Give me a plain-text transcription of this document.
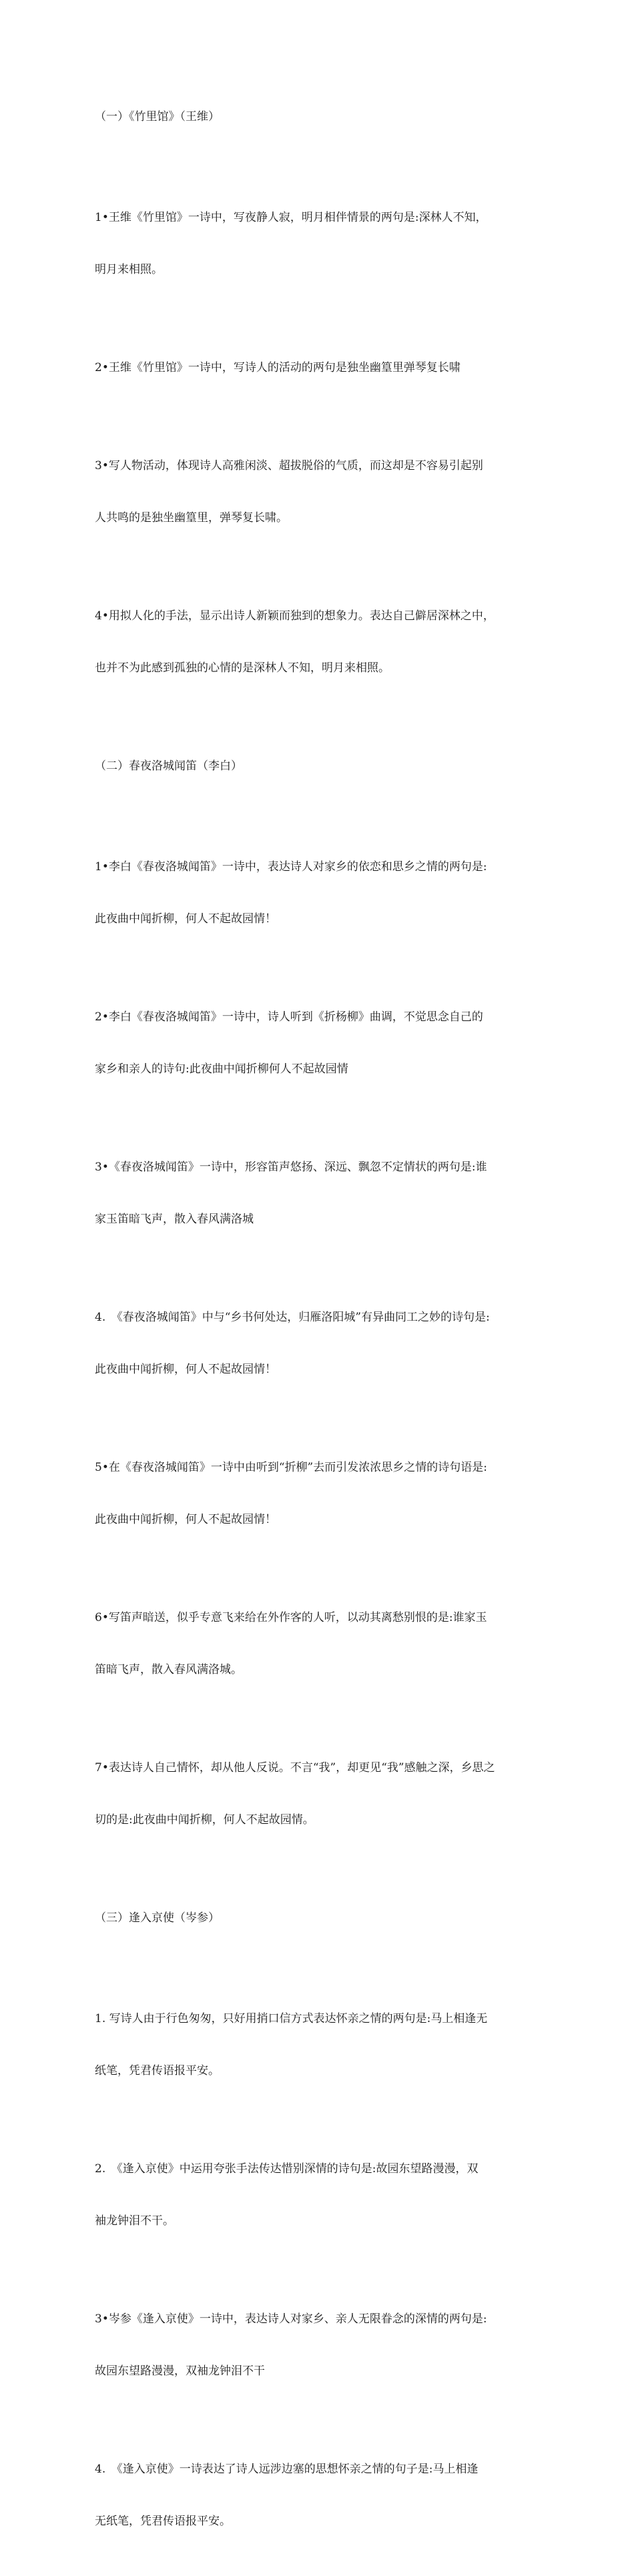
（一）《竹里馆》（王维）

1•王维《竹里馆》一诗中，写夜静人寂，明月相伴情景的两句是:深林人不知，

明月来相照。

2•王维《竹里馆》一诗中，写诗人的活动的两句是独坐幽篁里弹琴复长啸

3•写人物活动，体现诗人高雅闲淡、超拔脱俗的气质，而这却是不容易引起别

人共鸣的是独坐幽篁里，弹琴复长啸。

4•用拟人化的手法，显示出诗人新颖而独到的想象力。表达自己僻居深林之中，

也并不为此感到孤独的心情的是深林人不知，明月来相照。

（二）春夜洛城闻笛（李白）

1•李白《春夜洛城闻笛》一诗中，表达诗人对家乡的依恋和思乡之情的两句是:

此夜曲中闻折柳，何人不起故园情！

2•李白《春夜洛城闻笛》一诗中，诗人听到《折杨柳》曲调，不觉思念自己的

家乡和亲人的诗句:此夜曲中闻折柳何人不起故园情

3•《春夜洛城闻笛》一诗中，形容笛声悠扬、深远、飘忽不定情状的两句是:谁

家玉笛暗飞声，散入春风满洛城

4.　《春夜洛城闻笛》中与“乡书何处达，归雁洛阳城”有异曲同工之妙的诗句是:

此夜曲中闻折柳，何人不起故园情！

5•在《春夜洛城闻笛》一诗中由听到“折柳”去而引发浓浓思乡之情的诗句语是:

此夜曲中闻折柳，何人不起故园情！

6•写笛声暗送，似乎专意飞来给在外作客的人听，以动其离愁别恨的是:谁家玉

笛暗飞声，散入春风满洛城。

7•表达诗人自己情怀，却从他人反说。不言“我”，却更见“我”感触之深，乡思之

切的是:此夜曲中闻折柳，何人不起故园情。

（三）逢入京使（岑参）

1. 写诗人由于行色匆匆，只好用捎口信方式表达怀亲之情的两句是:马上相逢无

纸笔，凭君传语报平安。

2.　《逢入京使》中运用夸张手法传达惜别深情的诗句是:故园东望路漫漫，双

袖龙钟泪不干。

3•岑参《逢入京使》一诗中，表达诗人对家乡、亲人无限眷念的深情的两句是:

故园东望路漫漫，双袖龙钟泪不干

4.　《逢入京使》一诗表达了诗人远涉边塞的思想怀亲之情的句子是:马上相逢

无纸笔，凭君传语报平安。
